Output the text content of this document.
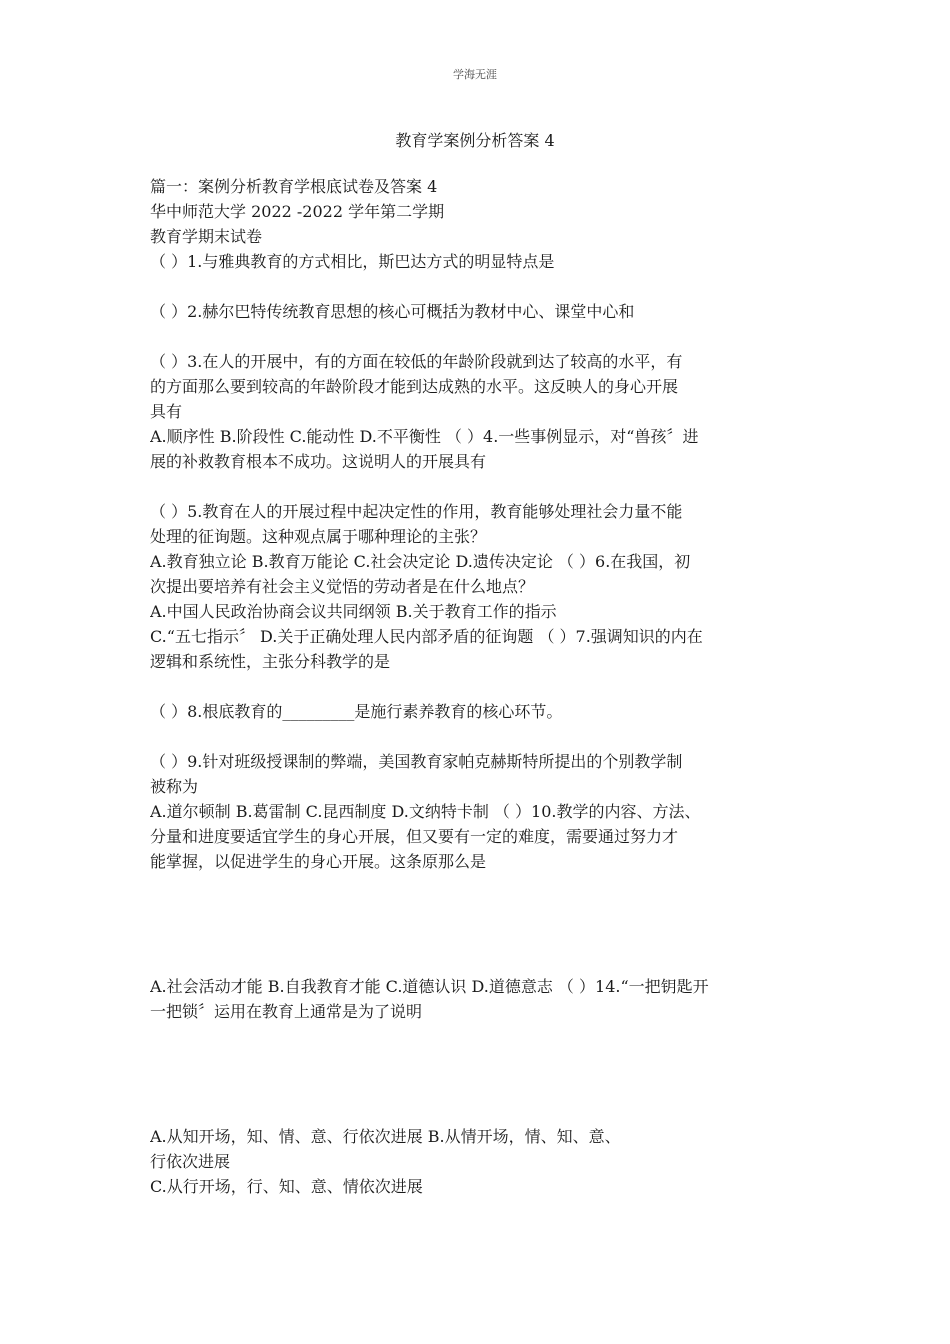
学海无涯
教育学案例分析答案 4
篇一：案例分析教育学根底试卷及答案 4
华中师范大学 2022 -2022 学年第二学期
教育学期末试卷
（ ）1.与雅典教育的方式相比，斯巴达方式的明显特点是
（ ）2.赫尔巴特传统教育思想的核心可概括为教材中心、课堂中心和
（ ）3.在人的开展中，有的方面在较低的年龄阶段就到达了较高的水平，有
的方面那么要到较高的年龄阶段才能到达成熟的水平。这反映人的身心开展
具有
A.顺序性 B.阶段性 C.能动性 D.不平衡性 （ ）4.一些事例显示，对“兽孩〞进
展的补救教育根本不成功。这说明人的开展具有
（ ）5.教育在人的开展过程中起决定性的作用，教育能够处理社会力量不能
处理的征询题。这种观点属于哪种理论的主张？
A.教育独立论 B.教育万能论 C.社会决定论 D.遗传决定论 （ ）6.在我国，初
次提出要培养有社会主义觉悟的劳动者是在什么地点？
A.中国人民政治协商会议共同纲领 B.关于教育工作的指示
C.“五七指示〞 D.关于正确处理人民内部矛盾的征询题 （ ）7.强调知识的内在
逻辑和系统性，主张分科教学的是
（ ）8.根底教育的_________是施行素养教育的核心环节。
（ ）9.针对班级授课制的弊端，美国教育家帕克赫斯特所提出的个别教学制
被称为
A.道尔顿制 B.葛雷制 C.昆西制度 D.文纳特卡制 （ ）10.教学的内容、方法、
分量和进度要适宜学生的身心开展，但又要有一定的难度，需要通过努力才
能掌握，以促进学生的身心开展。这条原那么是
A.社会活动才能 B.自我教育才能 C.道德认识 D.道德意志 （ ）14.“一把钥匙开
一把锁〞运用在教育上通常是为了说明
A.从知开场，知、情、意、行依次进展 B.从情开场，情、知、意、
行依次进展
C.从行开场，行、知、意、情依次进展
